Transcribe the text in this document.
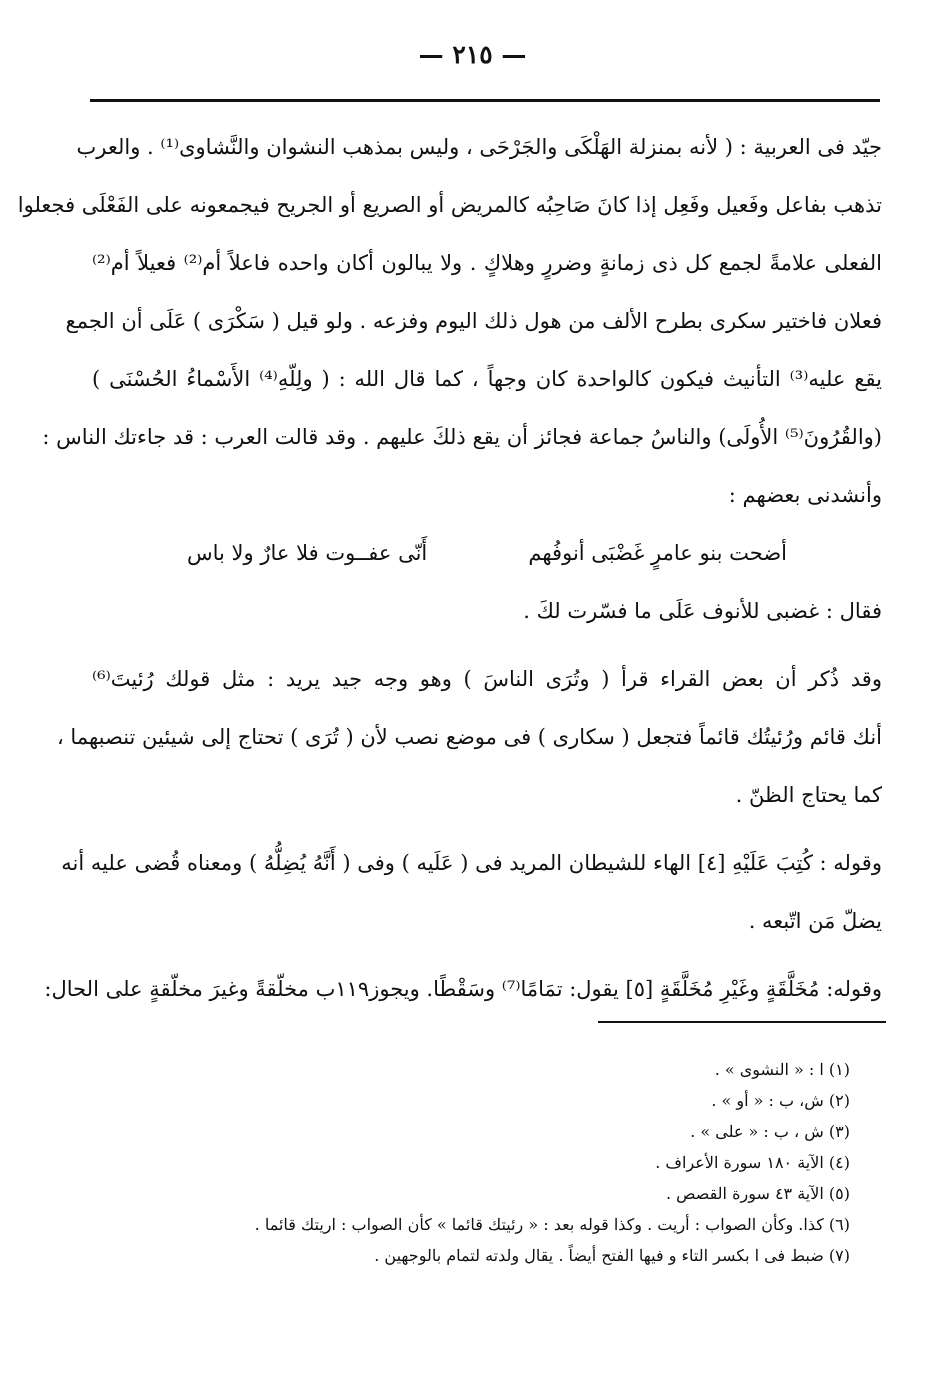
— ٢١٥ —
جيّد فى العربية : ( لأنه بمنزلة الهَلْكَى والجَرْحَى ، وليس بمذهب النشوان والنَّشاوى⁽¹⁾ . والعرب
تذهب بفاعل وفَعيل وفَعِل إذا كانَ صَاحِبُه كالمريض أو الصريع أو الجريح فيجمعونه على الفَعْلَى فجعلوا
الفعلى علامةً لجمع كل ذى زمانةٍ وضررٍ وهلاكٍ . ولا يبالون أكان واحده فاعلاً أم⁽²⁾ فعيلاً أم⁽²⁾
فعلان فاختير سكرى بطرح الألف من هول ذلك اليوم وفزعه . ولو قيل ( سَكْرَى ) عَلَى أن الجمع
يقع عليه⁽³⁾ التأنيث فيكون كالواحدة كان وجهاً ، كما قال الله : ( ولِلّهِ⁽⁴⁾ الأَسْماءُ الحُسْنَى )
(والقُرُونَ⁽⁵⁾ الأُولَى) والناسُ جماعة فجائز أن يقع ذلكَ عليهم . وقد قالت العرب : قد جاءتك الناس :
وأنشدنى بعضهم :
أضحت بنو عامرٍ غَضْبَى أنوفُهم
أَنّى عفــوت فلا عارٌ ولا باس
فقال : غضبى للأنوف عَلَى ما فسّرت لكَ .
وقد ذُكر أن بعض القراء قرأ ( وتُرَى الناسَ ) وهو وجه جيد يريد : مثل قولك رُئيتَ⁽⁶⁾
أنك قائم ورُئيتُك قائماً فتجعل ( سكارى ) فى موضع نصب لأن ( تُرَى ) تحتاج إلى شيئين تنصبهما ،
كما يحتاج الظنّ .
وقوله : كُتِبَ عَلَيْهِ [٤] الهاء للشيطان المريد فى ( عَلَيه ) وفى ( أَنَّهُ يُضِلُّهُ ) ومعناه قُضى عليه أنه
يضلّ مَن اتّبعه .
وقوله: مُخَلَّقَةٍ وغَيْرِ مُخَلَّقَةٍ [٥] يقول: تمَامًا⁽⁷⁾ وسَقْطًا. ويجوز١١٩ب مخلّقةً وغيرَ مخلّقةٍ على الحال:
(١) ا : « النشوى » .
(٢) ش، ب : « أو » .
(٣) ش ، ب : « على » .
(٤) الآية ١٨٠ سورة الأعراف .
(٥) الآية ٤٣ سورة القصص .
(٦) كذا. وكأن الصواب : أريت . وكذا قوله بعد : « رئيتك قائما » كأن الصواب : اريتك قائما .
(٧) ضبط فى ا بكسر التاء و فيها الفتح أيضاً . يقال ولدته لتمام بالوجهين .
